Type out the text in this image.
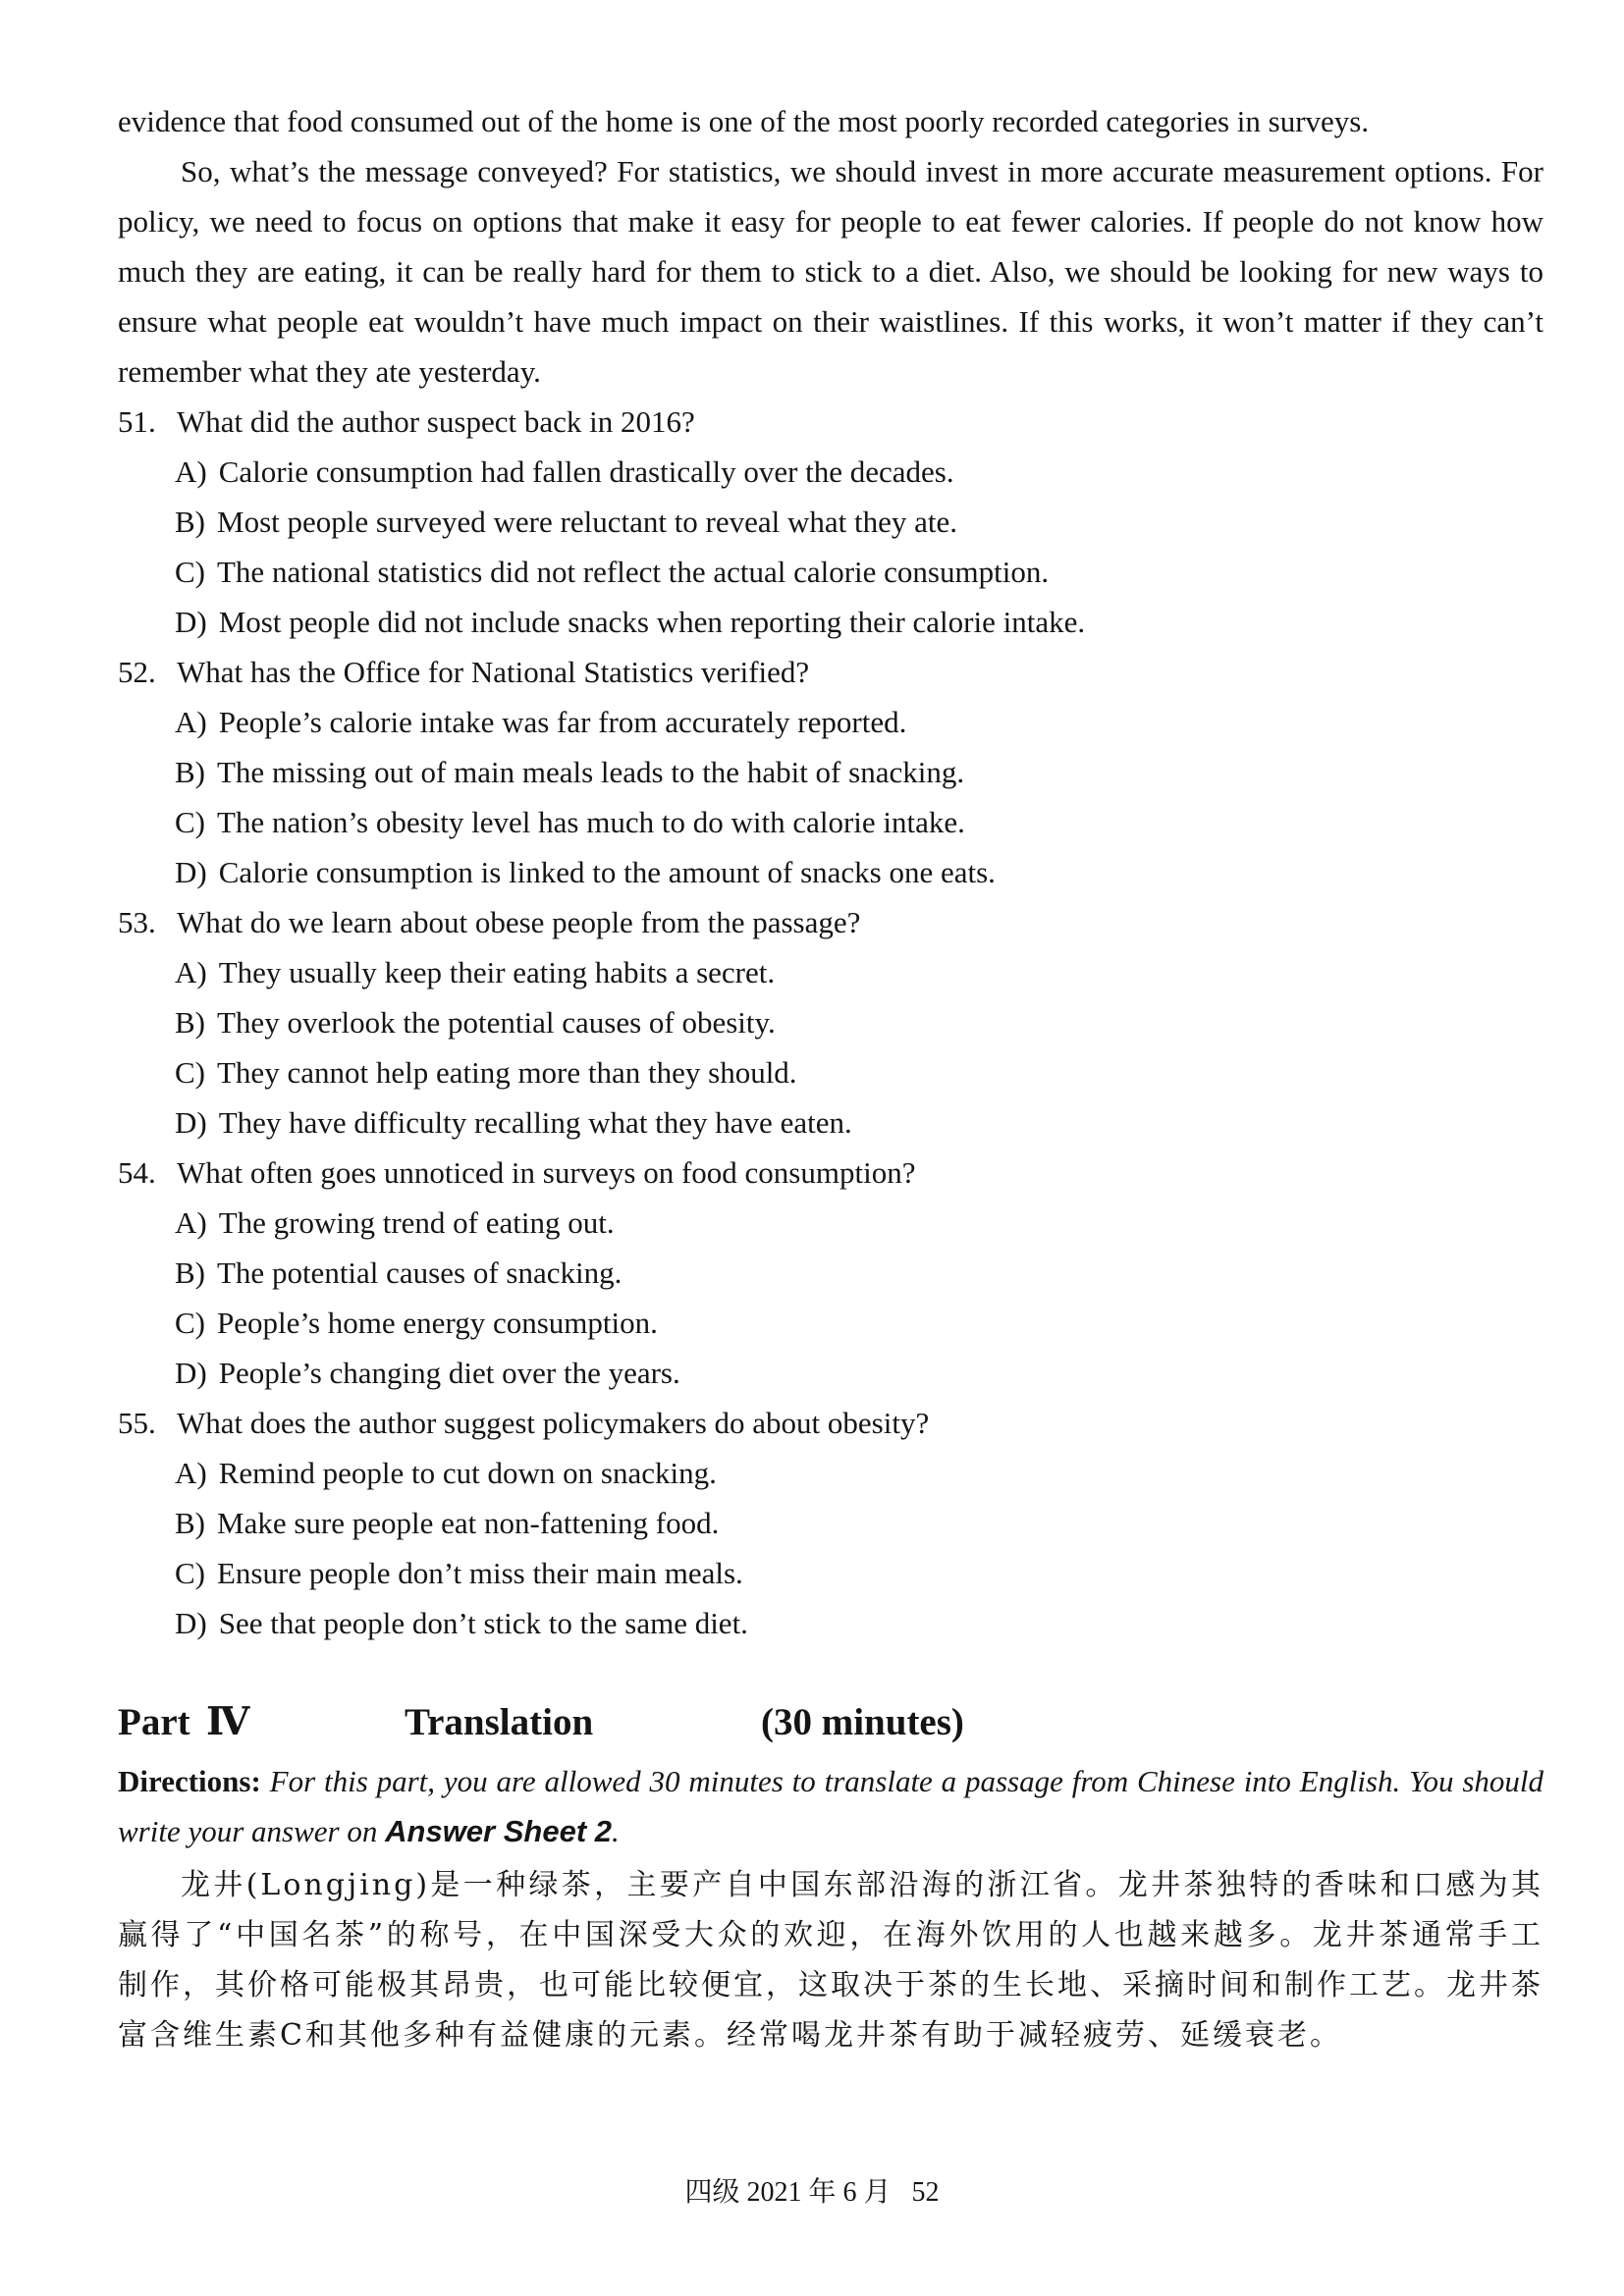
evidence that food consumed out of the home is one of the most poorly recorded categories in surveys.

So, what’s the message conveyed? For statistics, we should invest in more accurate measurement options. For policy, we need to focus on options that make it easy for people to eat fewer calories. If people do not know how much they are eating, it can be really hard for them to stick to a diet. Also, we should be looking for new ways to ensure what people eat wouldn’t have much impact on their waistlines. If this works, it won’t matter if they can’t remember what they ate yesterday.

51. What did the author suspect back in 2016?
A) Calorie consumption had fallen drastically over the decades.
B) Most people surveyed were reluctant to reveal what they ate.
C) The national statistics did not reflect the actual calorie consumption.
D) Most people did not include snacks when reporting their calorie intake.
52. What has the Office for National Statistics verified?
A) People’s calorie intake was far from accurately reported.
B) The missing out of main meals leads to the habit of snacking.
C) The nation’s obesity level has much to do with calorie intake.
D) Calorie consumption is linked to the amount of snacks one eats.
53. What do we learn about obese people from the passage?
A) They usually keep their eating habits a secret.
B) They overlook the potential causes of obesity.
C) They cannot help eating more than they should.
D) They have difficulty recalling what they have eaten.
54. What often goes unnoticed in surveys on food consumption?
A) The growing trend of eating out.
B) The potential causes of snacking.
C) People’s home energy consumption.
D) People’s changing diet over the years.
55. What does the author suggest policymakers do about obesity?
A) Remind people to cut down on snacking.
B) Make sure people eat non-fattening food.
C) Ensure people don’t miss their main meals.
D) See that people don’t stick to the same diet.
Part Ⅳ	Translation	(30 minutes)

Directions: For this part, you are allowed 30 minutes to translate a passage from Chinese into English. You should write your answer on Answer Sheet 2.

龙井(Longjing)是一种绿茶，主要产自中国东部沿海的浙江省。龙井茶独特的香味和口感为其赢得了“中国名茶”的称号，在中国深受大众的欢迎，在海外饮用的人也越来越多。龙井茶通常手工制作，其价格可能极其昂贵，也可能比较便宜，这取决于茶的生长地、采摘时间和制作工艺。龙井茶富含维生素C和其他多种有益健康的元素。经常喝龙井茶有助于减轻疲劳、延缓衰老。

四级 2021 年 6 月 52
